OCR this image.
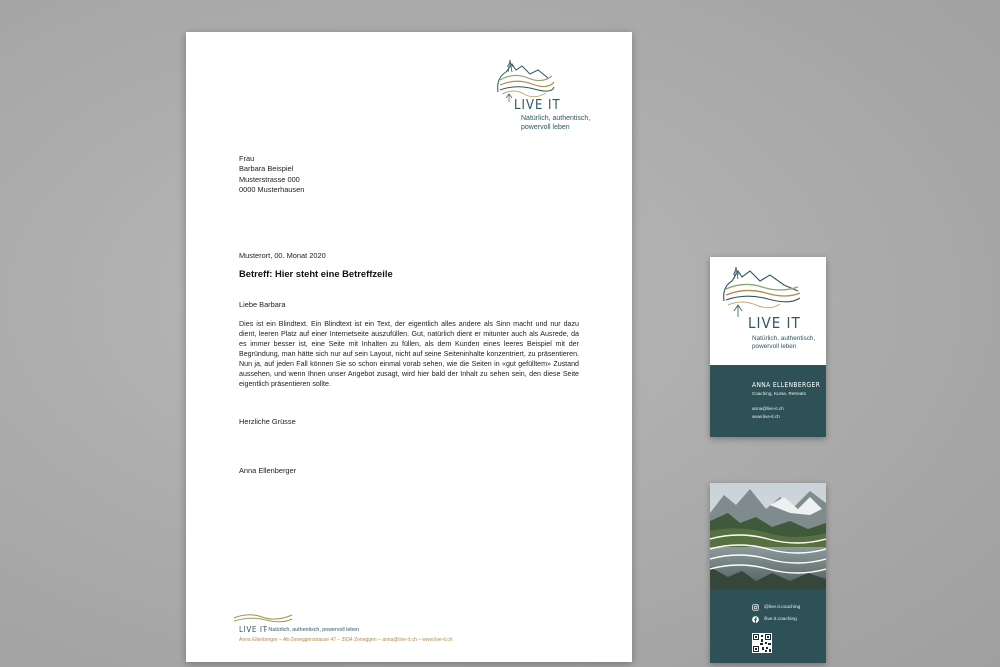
LIVE IT
Natürlich, authentisch,
powervoll leben
Frau
Barbara Beispiel
Musterstrasse 000
0000 Musterhausen
Musterort, 00. Monat 2020
Betreff: Hier steht eine Betreffzeile
Liebe Barbara
Dies ist ein Blindtext. Ein Blindtext ist ein Text, der eigentlich alles andere als Sinn macht und nur dazu dient, leeren Platz auf einer Internetseite auszufüllen. Gut, natürlich dient er mitunter auch als Ausrede, da es immer besser ist, eine Seite mit Inhalten zu füllen, als dem Kunden eines leeres Beispiel mit der Begründung, man hätte sich nur auf sein Layout, nicht auf seine Seiteninhalte konzentriert, zu präsentieren. Nun ja, auf jeden Fall können Sie so schon einmal vorab sehen, wie die Seiten in «gut gefülltem» Zustand aussehen, und wenn Ihnen unser Angebot zusagt, wird hier bald der Inhalt zu sehen sein, den diese Seite eigentlich präsentieren sollte.
Herzliche Grüsse
Anna Ellenberger
LIVE IT
– Natürlich, authentisch, powervoll leben
Anna Ellenberger – Alt-Zeneggenstrasse 47 – 3934 Zeneggen – anna@live-it.ch – www.live-it.ch
LIVE IT
Natürlich, authentisch,
powervoll leben
ANNA ELLENBERGER
Coaching, Kurse, Retreats
anna@live-it.ch
www.live-it.ch
@live.it.coaching
/live.it.coaching
